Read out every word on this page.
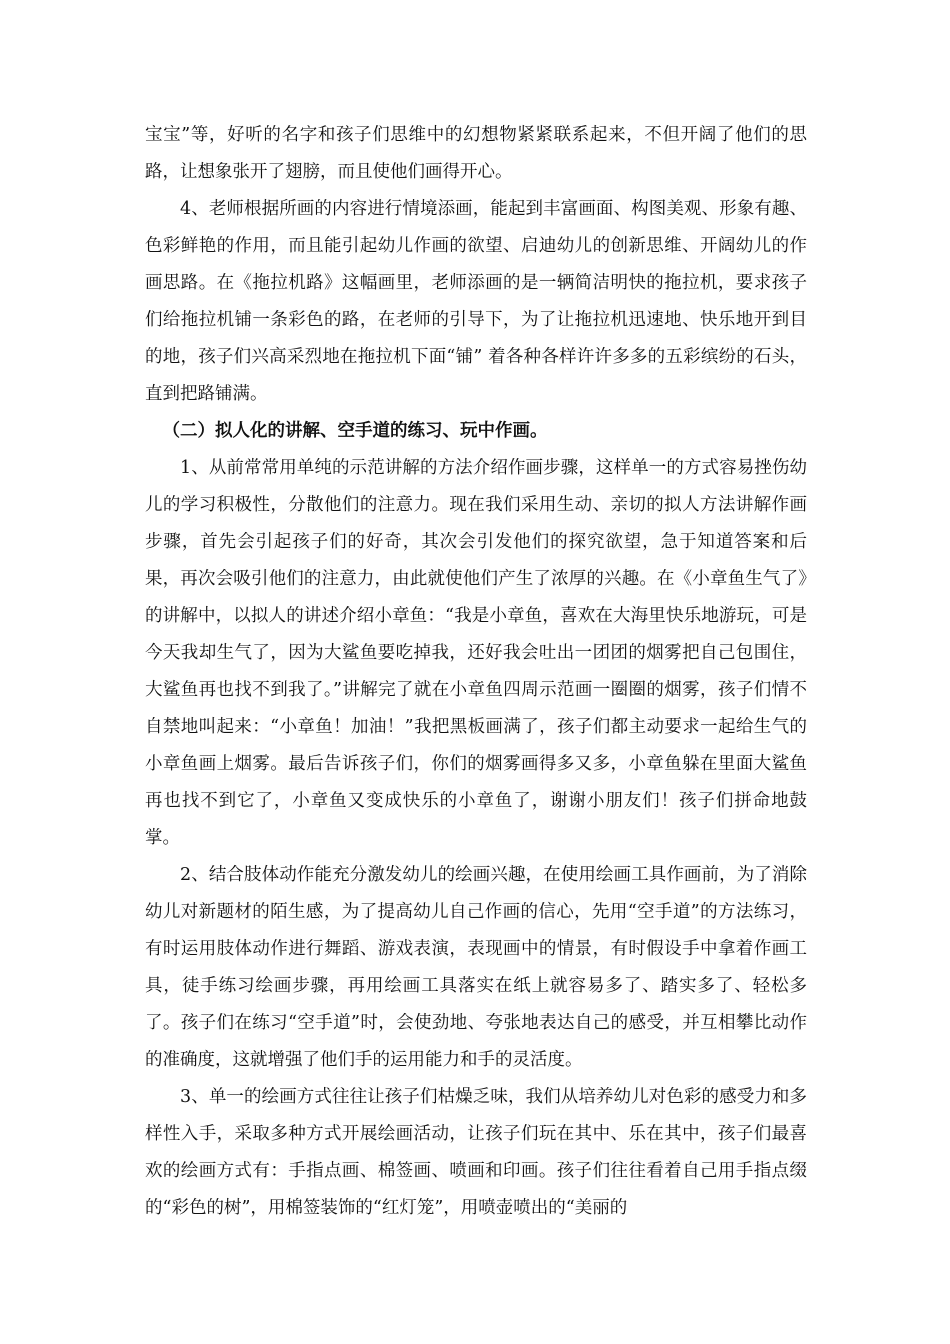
宝宝”等，好听的名字和孩子们思维中的幻想物紧紧联系起来，不但开阔了他们的思路，让想象张开了翅膀，而且使他们画得开心。

4、老师根据所画的内容进行情境添画，能起到丰富画面、构图美观、形象有趣、色彩鲜艳的作用，而且能引起幼儿作画的欲望、启迪幼儿的创新思维、开阔幼儿的作画思路。在《拖拉机路》这幅画里，老师添画的是一辆简洁明快的拖拉机，要求孩子们给拖拉机铺一条彩色的路，在老师的引导下，为了让拖拉机迅速地、快乐地开到目的地，孩子们兴高采烈地在拖拉机下面“铺” 着各种各样许许多多的五彩缤纷的石头，直到把路铺满。

（二）拟人化的讲解、空手道的练习、玩中作画。

1、从前常常用单纯的示范讲解的方法介绍作画步骤，这样单一的方式容易挫伤幼儿的学习积极性，分散他们的注意力。现在我们采用生动、亲切的拟人方法讲解作画步骤，首先会引起孩子们的好奇，其次会引发他们的探究欲望，急于知道答案和后果，再次会吸引他们的注意力，由此就使他们产生了浓厚的兴趣。在《小章鱼生气了》的讲解中，以拟人的讲述介绍小章鱼：“我是小章鱼，喜欢在大海里快乐地游玩，可是今天我却生气了，因为大鲨鱼要吃掉我，还好我会吐出一团团的烟雾把自己包围住，大鲨鱼再也找不到我了。”讲解完了就在小章鱼四周示范画一圈圈的烟雾，孩子们情不自禁地叫起来：“小章鱼！加油！”我把黑板画满了，孩子们都主动要求一起给生气的小章鱼画上烟雾。最后告诉孩子们，你们的烟雾画得多又多，小章鱼躲在里面大鲨鱼再也找不到它了，小章鱼又变成快乐的小章鱼了，谢谢小朋友们！孩子们拼命地鼓掌。

2、结合肢体动作能充分激发幼儿的绘画兴趣，在使用绘画工具作画前，为了消除幼儿对新题材的陌生感，为了提高幼儿自己作画的信心，先用“空手道”的方法练习，有时运用肢体动作进行舞蹈、游戏表演，表现画中的情景，有时假设手中拿着作画工具，徒手练习绘画步骤，再用绘画工具落实在纸上就容易多了、踏实多了、轻松多了。孩子们在练习“空手道”时，会使劲地、夸张地表达自己的感受，并互相攀比动作的准确度，这就增强了他们手的运用能力和手的灵活度。

3、单一的绘画方式往往让孩子们枯燥乏味，我们从培养幼儿对色彩的感受力和多样性入手，采取多种方式开展绘画活动，让孩子们玩在其中、乐在其中，孩子们最喜欢的绘画方式有：手指点画、棉签画、喷画和印画。孩子们往往看着自己用手指点缀的“彩色的树”，用棉签装饰的“红灯笼”，用喷壶喷出的“美丽的
